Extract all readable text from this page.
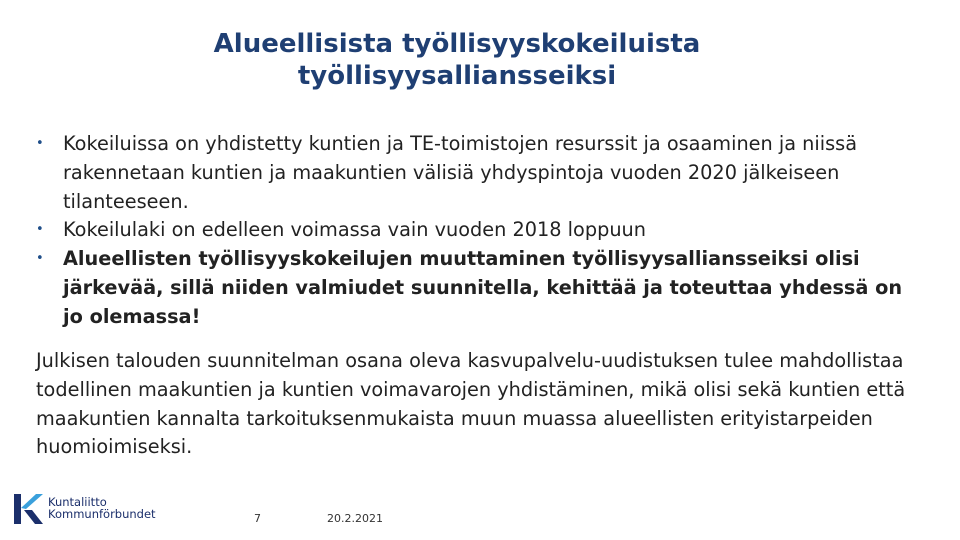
Alueellisista työllisyyskokeiluista
työllisyysalliansseiksi
•	Kokeiluissa on yhdistetty kuntien ja TE-toimistojen resurssit ja osaaminen ja niissä rakennetaan kuntien ja maakuntien välisiä yhdyspintoja vuoden 2020 jälkeiseen tilanteeseen.
•	Kokeilulaki on edelleen voimassa vain vuoden 2018 loppuun
•	Alueellisten työllisyyskokeilujen muuttaminen työllisyysalliansseiksi olisi järkevää, sillä niiden valmiudet suunnitella, kehittää ja toteuttaa yhdessä on jo olemassa!

Julkisen talouden suunnitelman osana oleva kasvupalvelu-uudistuksen tulee mahdollistaa todellinen maakuntien ja kuntien voimavarojen yhdistäminen, mikä olisi sekä kuntien että maakuntien kannalta tarkoituksenmukaista muun muassa alueellisten erityistarpeiden huomioimiseksi.

Kuntaliitto
Kommunförbundet	7	20.2.2021
